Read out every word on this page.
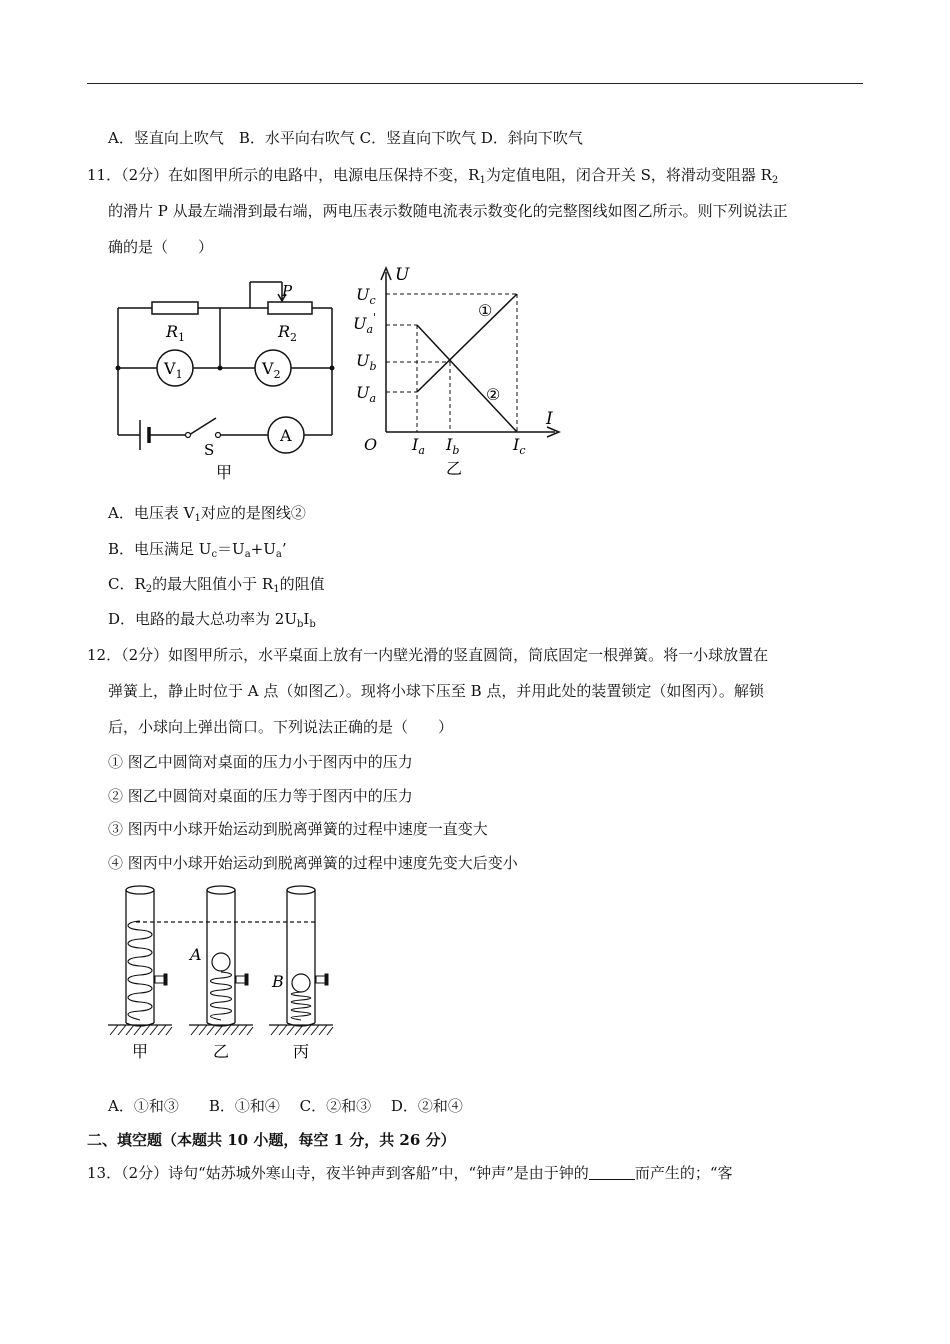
A．竖直向上吹气　B．水平向右吹气 C．竖直向下吹气 D．斜向下吹气
11．（2分）在如图甲所示的电路中，电源电压保持不变，$R_1$为定值电阻，闭合开关 S，将滑动变阻器 $R_2$
的滑片 P 从最左端滑到最右端，两电压表示数随电流表示数变化的完整图线如图乙所示。则下列说法正
确的是（　　）
P
$R_1$	$R_2$
$V_1$	$V_2$
A
S
甲
U
I
O
$U_c$
$U_a'$
$U_b$
$U_a$
$I_a$ $I_b$	$I_c$
①
②
乙
A．电压表 $V_1$对应的是图线②
B．电压满足 $U_c=U_a+U_a$’
C．$R_2$的最大阻值小于 $R_1$的阻值
D．电路的最大总功率为 $2U_bI_b$
12．（2分）如图甲所示，水平桌面上放有一内壁光滑的竖直圆筒，筒底固定一根弹簧。将一小球放置在
弹簧上，静止时位于 A 点（如图乙）。现将小球下压至 B 点，并用此处的装置锁定（如图丙）。解锁
后，小球向上弹出筒口。下列说法正确的是（　　）
① 图乙中圆筒对桌面的压力小于图丙中的压力
② 图乙中圆筒对桌面的压力等于图丙中的压力
③ 图丙中小球开始运动到脱离弹簧的过程中速度一直变大
④ 图丙中小球开始运动到脱离弹簧的过程中速度先变大后变小
A
B
甲	乙	丙
A．①和③　　B．①和④　 C．②和③　 D．②和④
二、填空题（本题共 10 小题，每空 1 分，共 26 分）
13．（2分）诗句“姑苏城外寒山寺，夜半钟声到客船”中，“钟声”是由于钟的	而产生的；“客
